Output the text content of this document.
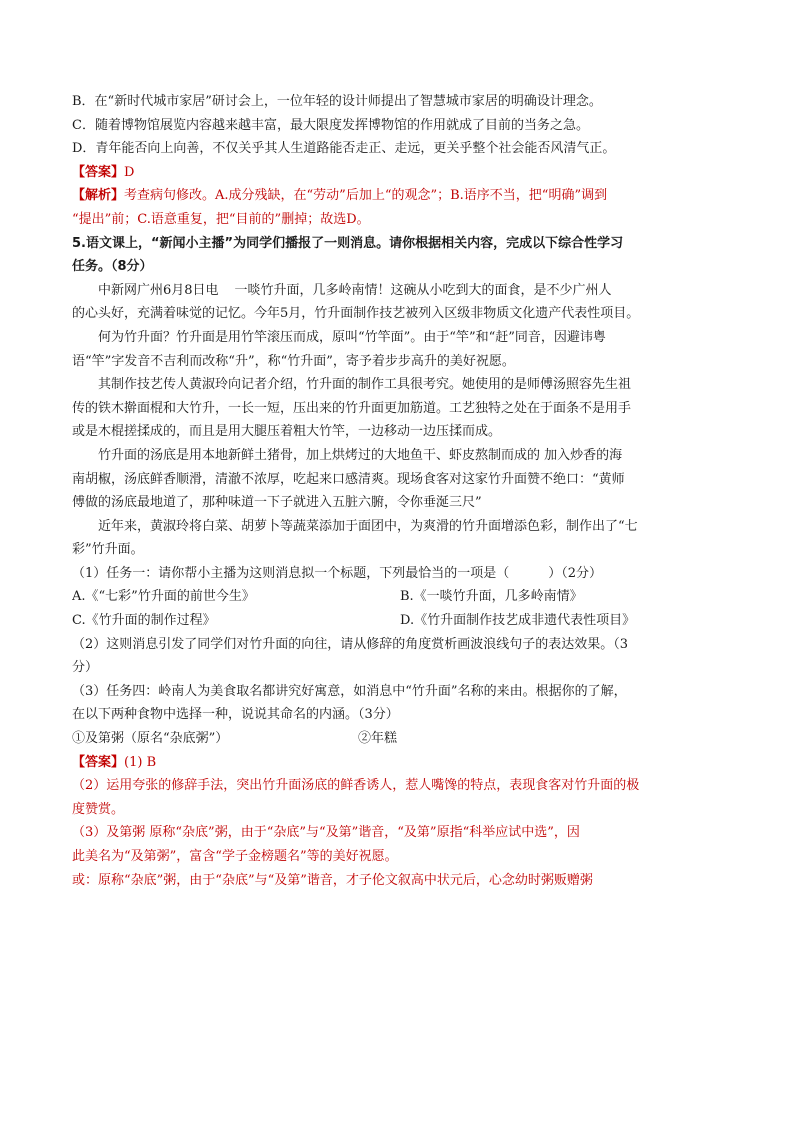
B．在“新时代城市家居”研讨会上，一位年轻的设计师提出了智慧城市家居的明确设计理念。
C．随着博物馆展览内容越来越丰富，最大限度发挥博物馆的作用就成了目前的当务之急。
D．青年能否向上向善，不仅关乎其人生道路能否走正、走远，更关乎整个社会能否风清气正。
【答案】D
【解析】考查病句修改。A.成分残缺，在“劳动”后加上“的观念”；B.语序不当，把“明确”调到
“提出”前；C.语意重复，把“目前的”删掉；故选D。
5.语文课上，“新闻小主播”为同学们播报了一则消息。请你根据相关内容，完成以下综合性学习
任务。（8分）
中新网广州6月8日电 一啖竹升面，几多岭南情！这碗从小吃到大的面食，是不少广州人
的心头好，充满着味觉的记忆。今年5月，竹升面制作技艺被列入区级非物质文化遗产代表性项目。
何为竹升面？竹升面是用竹竿滚压而成，原叫“竹竿面”。由于“竿”和“赶”同音，因避讳粤
语“竿”字发音不吉利而改称“升”，称“竹升面”，寄予着步步高升的美好祝愿。
其制作技艺传人黄淑玲向记者介绍，竹升面的制作工具很考究。她使用的是师傅汤照容先生祖
传的铁木擀面棍和大竹升，一长一短，压出来的竹升面更加筋道。工艺独特之处在于面条不是用手
或是木棍搓揉成的，而且是用大腿压着粗大竹竿，一边移动一边压揉而成。
竹升面的汤底是用本地新鲜土猪骨，加上烘烤过的大地鱼干、虾皮熬制而成的 加入炒香的海
南胡椒，汤底鲜香顺滑，清澈不浓厚，吃起来口感清爽。现场食客对这家竹升面赞不绝口：“黄师
傅做的汤底最地道了，那种味道一下子就进入五脏六腑，令你垂涎三尺”
近年来，黄淑玲将白菜、胡萝卜等蔬菜添加于面团中，为爽滑的竹升面增添色彩，制作出了“七
彩”竹升面。
（1）任务一：请你帮小主播为这则消息拟一个标题，下列最恰当的一项是（　　　）（2分）
A.《“七彩”竹升面的前世今生》	B.《一啖竹升面，几多岭南情》
C.《竹升面的制作过程》	D.《竹升面制作技艺成非遗代表性项目》
（2）这则消息引发了同学们对竹升面的向往，请从修辞的角度赏析画波浪线句子的表达效果。（3
分）
（3）任务四：岭南人为美食取名都讲究好寓意，如消息中“竹升面”名称的来由。根据你的了解，
在以下两种食物中选择一种，说说其命名的内涵。（3分）
①及第粥（原名“杂底粥”）	②年糕
【答案】(1) B
（2）运用夸张的修辞手法，突出竹升面汤底的鲜香诱人，惹人嘴馋的特点，表现食客对竹升面的极
度赞赏。
（3）及第粥 原称“杂底”粥，由于“杂底”与“及第”谐音，“及第”原指“科举应试中选”，因
此美名为“及第粥”，富含“学子金榜题名”等的美好祝愿。
或：原称“杂底”粥，由于“杂底”与“及第”谐音，才子伦文叙高中状元后，心念幼时粥贩赠粥
